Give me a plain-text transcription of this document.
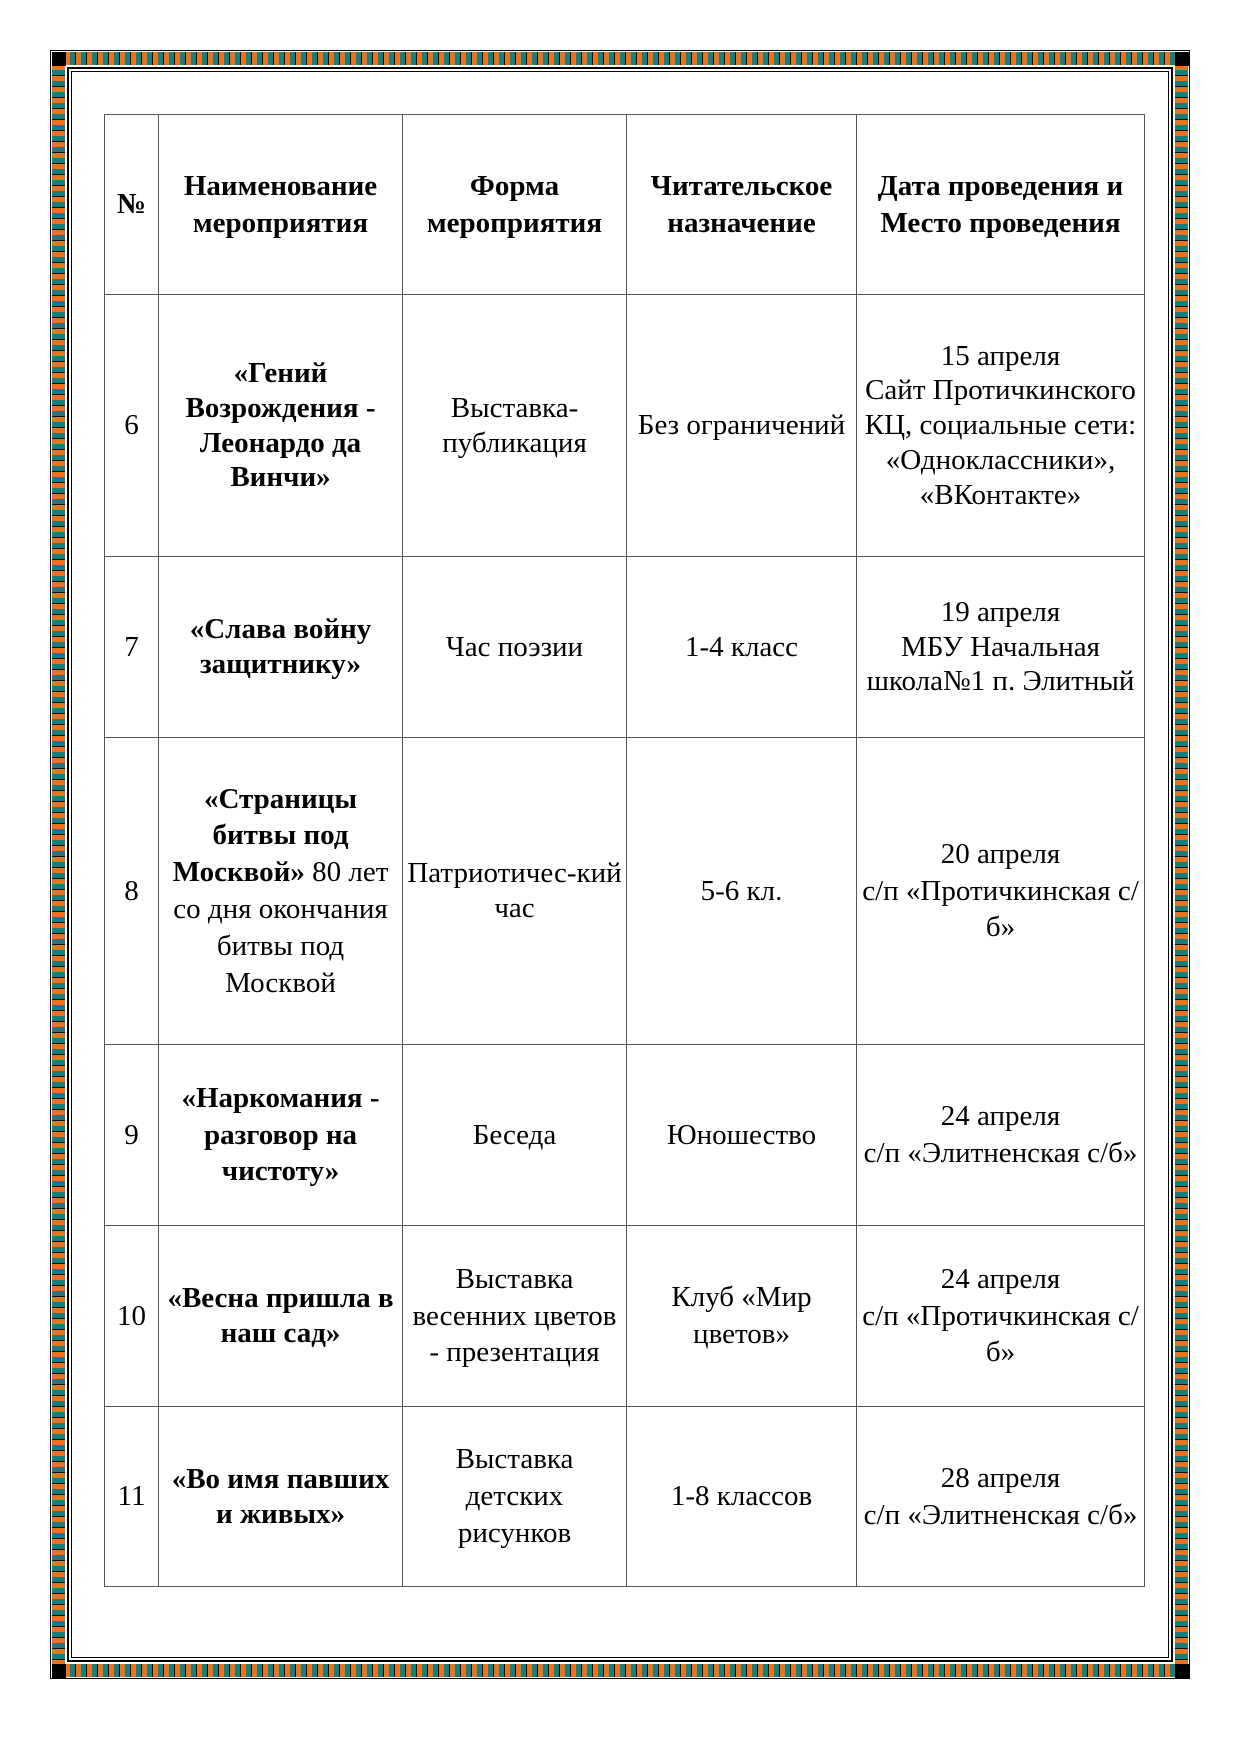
№	Наименование мероприятия	Форма мероприятия	Читательское назначение	Дата проведения и Место проведения
6	«Гений Возрождения - Леонардо да Винчи»	Выставка-публикация	Без ограничений	15 апреля
Сайт Протичкинского КЦ, социальные сети: «Одноклассники», «ВКонтакте»

7	«Слава войну защитнику»	Час поэзии	1-4 класс	19 апреля
МБУ Начальная школа№1 п. Элитный

8	«Страницы битвы под Москвой» 80 лет со дня окончания битвы под Москвой	Патриотичес-кий час	5-6 кл.	20 апреля
с/п «Протичкинская с/б»

9	«Наркомания - разговор на чистоту»	Беседа	Юношество	24 апреля
с/п «Элитненская с/б»

10	«Весна пришла в наш сад»	Выставка весенних цветов - презентация	Клуб «Мир цветов»	24 апреля
с/п «Протичкинская с/б»

11	«Во имя павших и живых»	Выставка детских рисунков	1-8 классов	28 апреля
с/п «Элитненская с/б»
